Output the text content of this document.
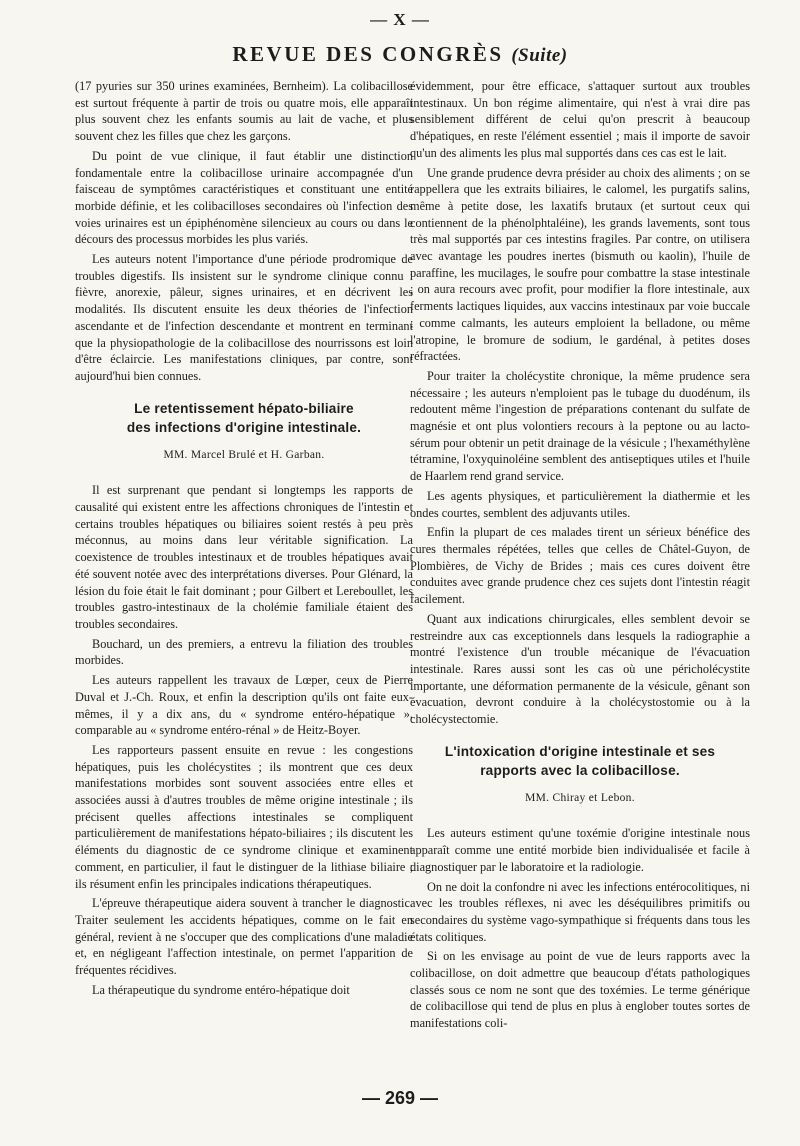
— X —
REVUE DES CONGRÈS (Suite)

(17 pyuries sur 350 urines examinées, Bernheim). La colibacillose est surtout fréquente à partir de trois ou quatre mois, elle apparaît plus souvent chez les enfants soumis au lait de vache, et plus souvent chez les filles que chez les garçons.

Du point de vue clinique, il faut établir une distinction fondamentale entre la colibacillose urinaire accompagnée d'un faisceau de symptômes caractéristiques et constituant une entité morbide définie, et les colibacilloses secondaires où l'infection des voies urinaires est un épiphénomène silencieux au cours ou dans le décours des processus morbides les plus variés.

Les auteurs notent l'importance d'une période prodromique de troubles digestifs. Ils insistent sur le syndrome clinique connu : fièvre, anorexie, pâleur, signes urinaires, et en décrivent les modalités. Ils discutent ensuite les deux théories de l'infection ascendante et de l'infection descendante et montrent en terminant que la physiopathologie de la colibacillose des nourrissons est loin d'être éclaircie. Les manifestations cliniques, par contre, sont aujourd'hui bien connues.

Le retentissement hépato-biliaire
des infections d'origine intestinale.
MM. Marcel Brulé et H. Garban.

Il est surprenant que pendant si longtemps les rapports de causalité qui existent entre les affections chroniques de l'intestin et certains troubles hépatiques ou biliaires soient restés à peu près méconnus, au moins dans leur véritable signification. La coexistence de troubles intestinaux et de troubles hépatiques avait été souvent notée avec des interprétations diverses. Pour Glénard, la lésion du foie était le fait dominant ; pour Gilbert et Lereboullet, les troubles gastro-intestinaux de la cholémie familiale étaient des troubles secondaires.

Bouchard, un des premiers, a entrevu la filiation des troubles morbides.

Les auteurs rappellent les travaux de Lœper, ceux de Pierre Duval et J.-Ch. Roux, et enfin la description qu'ils ont faite eux-mêmes, il y a dix ans, du « syndrome entéro-hépatique », comparable au « syndrome entéro-rénal » de Heitz-Boyer.

Les rapporteurs passent ensuite en revue : les congestions hépatiques, puis les cholécystites ; ils montrent que ces deux manifestations morbides sont souvent associées entre elles et associées aussi à d'autres troubles de même origine intestinale ; ils précisent quelles affections intestinales se compliquent particulièrement de manifestations hépato-biliaires ; ils discutent les éléments du diagnostic de ce syndrome clinique et examinent comment, en particulier, il faut le distinguer de la lithiase biliaire ; ils résument enfin les principales indications thérapeutiques.

L'épreuve thérapeutique aidera souvent à trancher le diagnostic. Traiter seulement les accidents hépatiques, comme on le fait en général, revient à ne s'occuper que des complications d'une maladie et, en négligeant l'affection intestinale, on permet l'apparition de fréquentes récidives.

La thérapeutique du syndrome entéro-hépatique doit

évidemment, pour être efficace, s'attaquer surtout aux troubles intestinaux. Un bon régime alimentaire, qui n'est à vrai dire pas sensiblement différent de celui qu'on prescrit à beaucoup d'hépatiques, en reste l'élément essentiel ; mais il importe de savoir qu'un des aliments les plus mal supportés dans ces cas est le lait.

Une grande prudence devra présider au choix des aliments ; on se rappellera que les extraits biliaires, le calomel, les purgatifs salins, même à petite dose, les laxatifs brutaux (et surtout ceux qui contiennent de la phénolphtaléine), les grands lavements, sont tous très mal supportés par ces intestins fragiles. Par contre, on utilisera avec avantage les poudres inertes (bismuth ou kaolin), l'huile de paraffine, les mucilages, le soufre pour combattre la stase intestinale ; on aura recours avec profit, pour modifier la flore intestinale, aux ferments lactiques liquides, aux vaccins intestinaux par voie buccale ; comme calmants, les auteurs emploient la belladone, ou même l'atropine, le bromure de sodium, le gardénal, à petites doses réfractées.

Pour traiter la cholécystite chronique, la même prudence sera nécessaire ; les auteurs n'emploient pas le tubage du duodénum, ils redoutent même l'ingestion de préparations contenant du sulfate de magnésie et ont plus volontiers recours à la peptone ou au lacto-sérum pour obtenir un petit drainage de la vésicule ; l'hexaméthylène tétramine, l'oxyquinoléine semblent des antiseptiques utiles et l'huile de Haarlem rend grand service.

Les agents physiques, et particulièrement la diathermie et les ondes courtes, semblent des adjuvants utiles.

Enfin la plupart de ces malades tirent un sérieux bénéfice des cures thermales répétées, telles que celles de Châtel-Guyon, de Plombières, de Vichy de Brides ; mais ces cures doivent être conduites avec grande prudence chez ces sujets dont l'intestin réagit facilement.

Quant aux indications chirurgicales, elles semblent devoir se restreindre aux cas exceptionnels dans lesquels la radiographie a montré l'existence d'un trouble mécanique de l'évacuation intestinale. Rares aussi sont les cas où une péricholécystite importante, une déformation permanente de la vésicule, gênant son évacuation, devront conduire à la cholécystostomie ou à la cholécystectomie.

L'intoxication d'origine intestinale et ses
rapports avec la colibacillose.
MM. Chiray et Lebon.

Les auteurs estiment qu'une toxémie d'origine intestinale nous apparaît comme une entité morbide bien individualisée et facile à diagnostiquer par le laboratoire et la radiologie.

On ne doit la confondre ni avec les infections entérocolitiques, ni avec les troubles réflexes, ni avec les déséquilibres primitifs ou secondaires du système vago-sympathique si fréquents dans tous les états colitiques.

Si on les envisage au point de vue de leurs rapports avec la colibacillose, on doit admettre que beaucoup d'états pathologiques classés sous ce nom ne sont que des toxémies. Le terme générique de colibacillose qui tend de plus en plus à englober toutes sortes de manifestations coli-

— 269 —
